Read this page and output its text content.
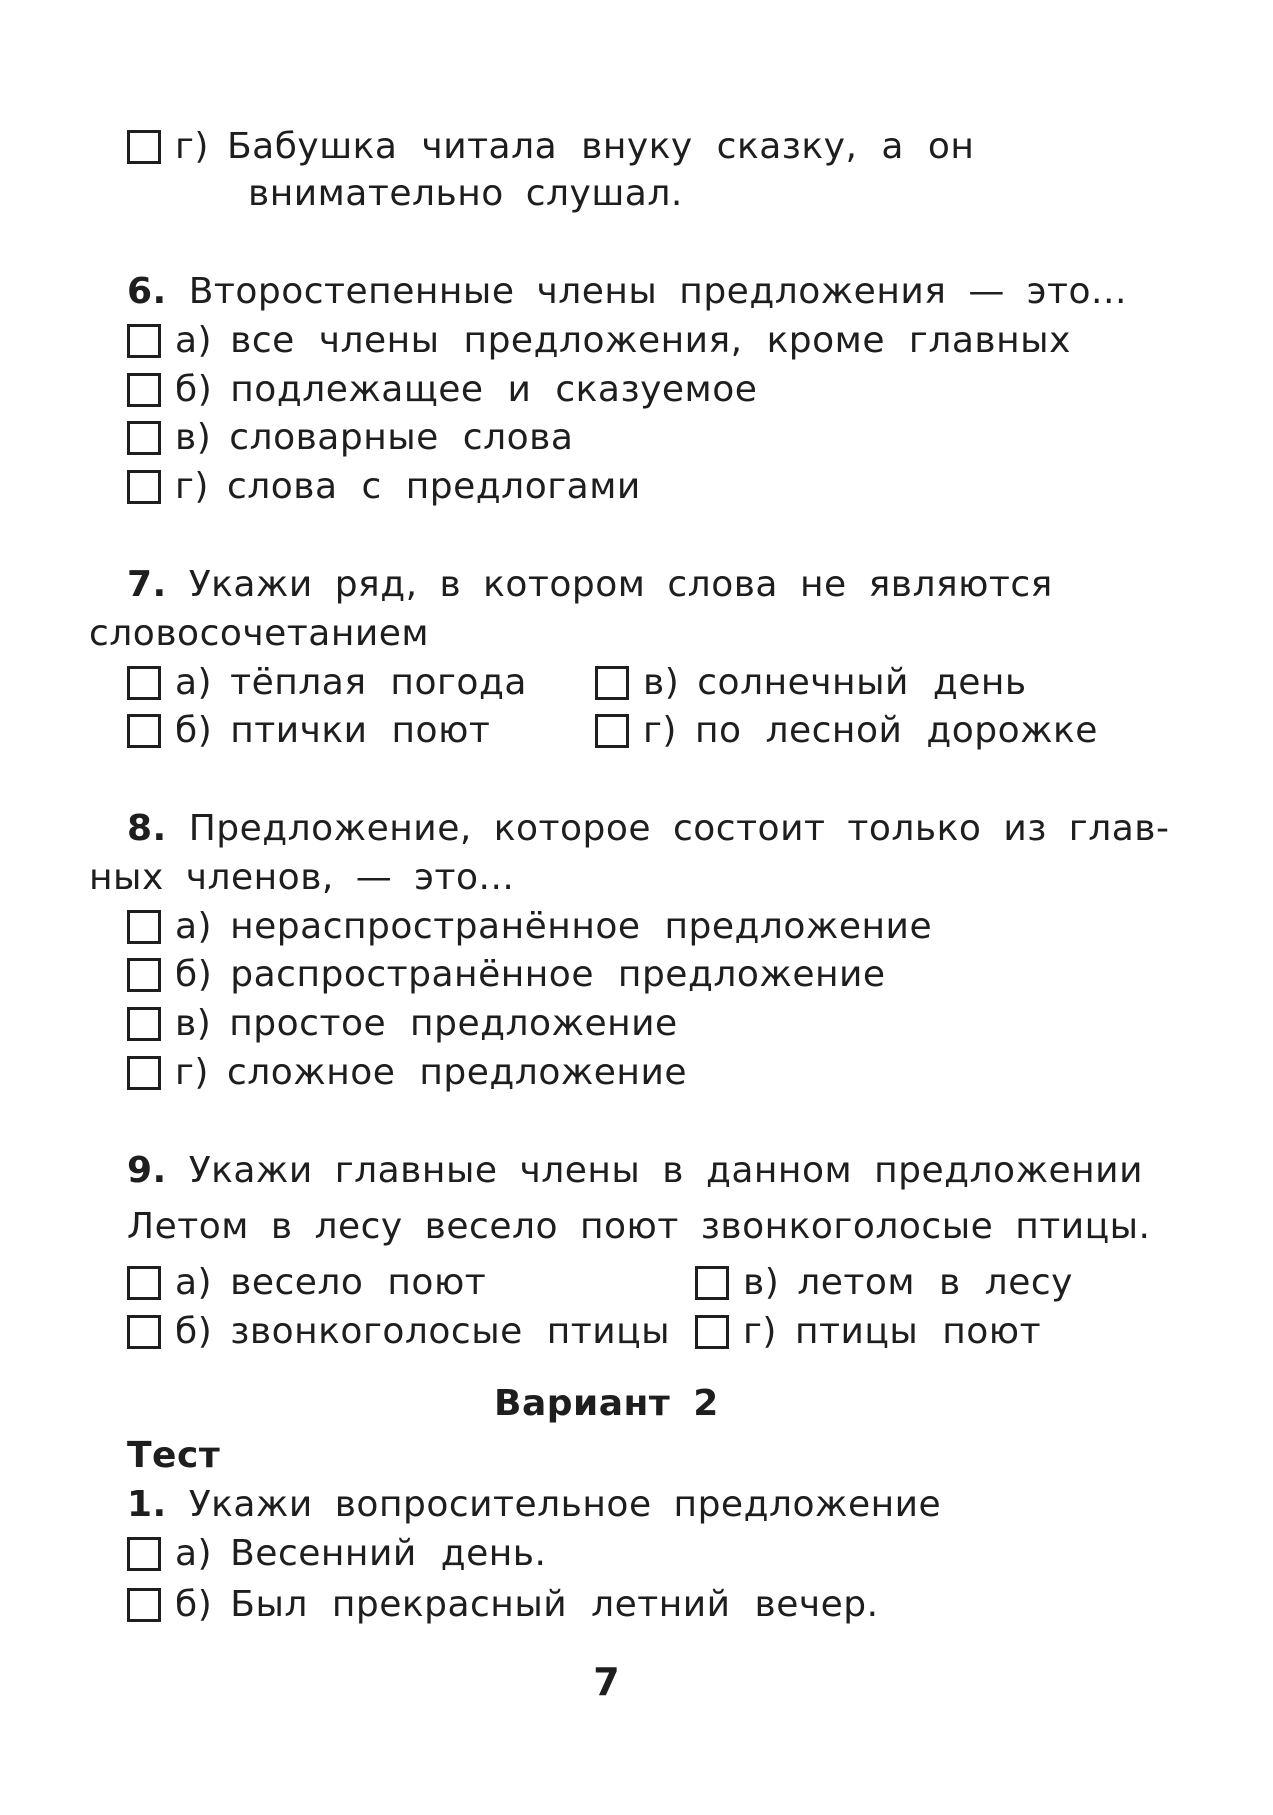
г) Бабушка читала внуку сказку, а он
внимательно слушал.
6. Второстепенные члены предложения — это...
а) все члены предложения, кроме главных
б) подлежащее и сказуемое
в) словарные слова
г) слова с предлогами
7. Укажи ряд, в котором слова не являются
словосочетанием
а) тёплая погода
б) птички поют
в) солнечный день
г) по лесной дорожке
8. Предложение, которое состоит только из глав-
ных членов, — это...
а) нераспространённое предложение
б) распространённое предложение
в) простое предложение
г) сложное предложение
9. Укажи главные члены в данном предложении
Летом в лесу весело поют звонкоголосые птицы.
а) весело поют
б) звонкоголосые птицы
в) летом в лесу
г) птицы поют
Вариант 2
Тест
1. Укажи вопросительное предложение
а) Весенний день.
б) Был прекрасный летний вечер.
7
